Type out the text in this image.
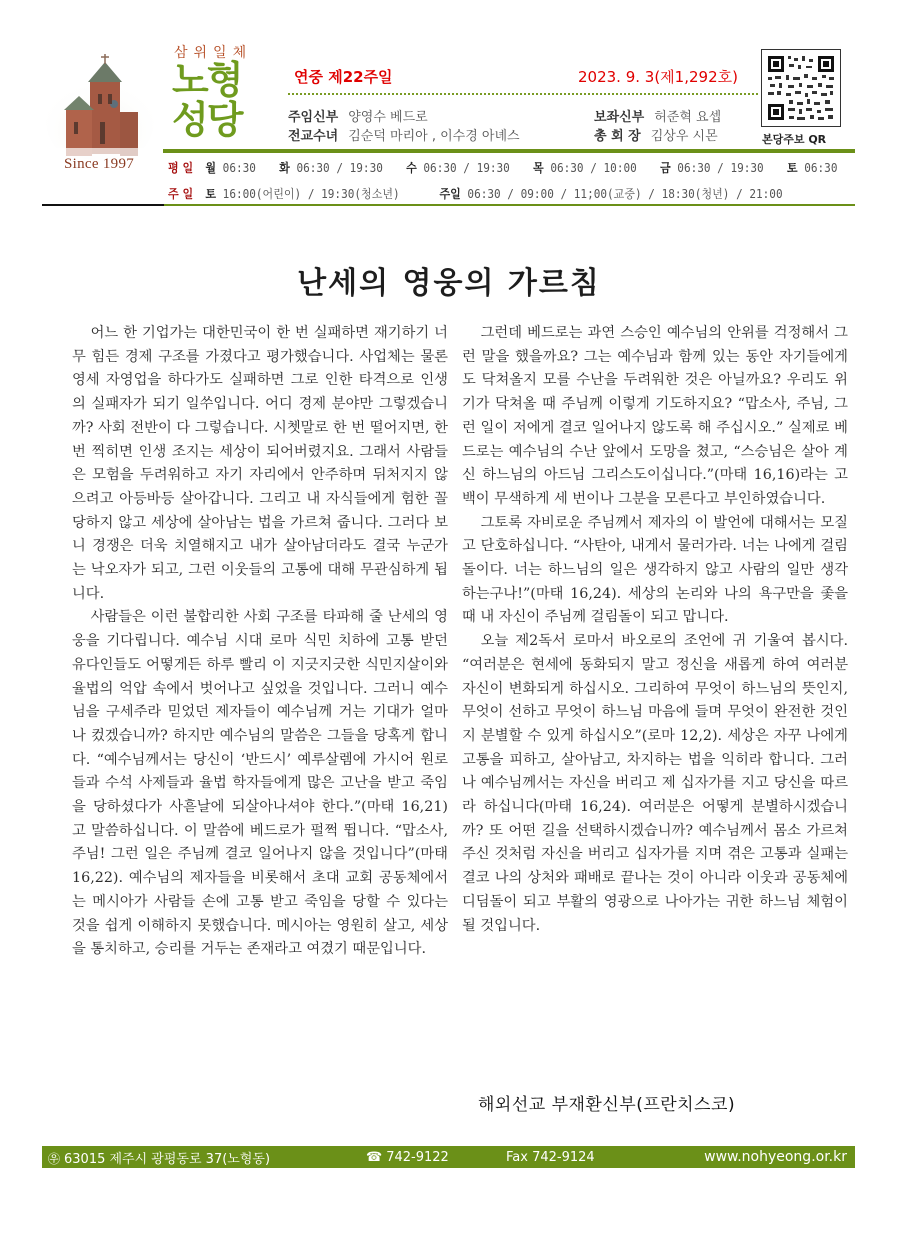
Since 1997
삼위일체
노형
성당
연중 제22주일	2023. 9. 3(제1,292호)
주임신부 양영수 베드로
전교수녀 김순덕 마리아 , 이수경 아녜스
보좌신부 허준혁 요셉
총 회 장 김상우 시몬	본당주보 QR
평 일 월 06:30 화 06:30 / 19:30 수 06:30 / 19:30 목 06:30 / 10:00 금 06:30 / 19:30 토 06:30
주 일 토 16:00(어린이) / 19:30(청소년)	주일 06:30 / 09:00 / 11;00(교중) / 18:30(청년) / 21:00
난세의 영웅의 가르침

어느 한 기업가는 대한민국이 한 번 실패하면 재기하기 너무 힘든 경제 구조를 가졌다고 평가했습니다. 사업체는 물론 영세 자영업을 하다가도 실패하면 그로 인한 타격으로 인생의 실패자가 되기 일쑤입니다. 어디 경제 분야만 그렇겠습니까? 사회 전반이 다 그렇습니다. 시쳇말로 한 번 떨어지면, 한 번 찍히면 인생 조지는 세상이 되어버렸지요. 그래서 사람들은 모험을 두려워하고 자기 자리에서 안주하며 뒤처지지 않으려고 아등바등 살아갑니다. 그리고 내 자식들에게 험한 꼴 당하지 않고 세상에 살아남는 법을 가르쳐 줍니다. 그러다 보니 경쟁은 더욱 치열해지고 내가 살아남더라도 결국 누군가는 낙오자가 되고, 그런 이웃들의 고통에 대해 무관심하게 됩니다.

사람들은 이런 불합리한 사회 구조를 타파해 줄 난세의 영웅을 기다립니다. 예수님 시대 로마 식민 치하에 고통 받던 유다인들도 어떻게든 하루 빨리 이 지긋지긋한 식민지살이와 율법의 억압 속에서 벗어나고 싶었을 것입니다. 그러니 예수님을 구세주라 믿었던 제자들이 예수님께 거는 기대가 얼마나 컸겠습니까? 하지만 예수님의 말씀은 그들을 당혹게 합니다. “예수님께서는 당신이 ‘반드시’ 예루살렘에 가시어 원로들과 수석 사제들과 율법 학자들에게 많은 고난을 받고 죽임을 당하셨다가 사흗날에 되살아나셔야 한다.”(마태 16,21)고 말씀하십니다. 이 말씀에 베드로가 펄쩍 뜁니다. “맙소사, 주님! 그런 일은 주님께 결코 일어나지 않을 것입니다”(마태 16,22). 예수님의 제자들을 비롯해서 초대 교회 공동체에서는 메시아가 사람들 손에 고통 받고 죽임을 당할 수 있다는 것을 쉽게 이해하지 못했습니다. 메시아는 영원히 살고, 세상을 통치하고, 승리를 거두는 존재라고 여겼기 때문입니다.

그런데 베드로는 과연 스승인 예수님의 안위를 걱정해서 그런 말을 했을까요? 그는 예수님과 함께 있는 동안 자기들에게도 닥쳐올지 모를 수난을 두려워한 것은 아닐까요? 우리도 위기가 닥쳐올 때 주님께 이렇게 기도하지요? “맙소사, 주님, 그런 일이 저에게 결코 일어나지 않도록 해 주십시오.” 실제로 베드로는 예수님의 수난 앞에서 도망을 쳤고, “스승님은 살아 계신 하느님의 아드님 그리스도이십니다.”(마태 16,16)라는 고백이 무색하게 세 번이나 그분을 모른다고 부인하였습니다.

그토록 자비로운 주님께서 제자의 이 발언에 대해서는 모질고 단호하십니다. “사탄아, 내게서 물러가라. 너는 나에게 걸림돌이다. 너는 하느님의 일은 생각하지 않고 사람의 일만 생각하는구나!”(마태 16,24). 세상의 논리와 나의 욕구만을 좇을 때 내 자신이 주님께 걸림돌이 되고 맙니다.

오늘 제2독서 로마서 바오로의 조언에 귀 기울여 봅시다. “여러분은 현세에 동화되지 말고 정신을 새롭게 하여 여러분 자신이 변화되게 하십시오. 그리하여 무엇이 하느님의 뜻인지, 무엇이 선하고 무엇이 하느님 마음에 들며 무엇이 완전한 것인지 분별할 수 있게 하십시오”(로마 12,2). 세상은 자꾸 나에게 고통을 피하고, 살아남고, 차지하는 법을 익히라 합니다. 그러나 예수님께서는 자신을 버리고 제 십자가를 지고 당신을 따르라 하십니다(마태 16,24). 여러분은 어떻게 분별하시겠습니까? 또 어떤 길을 선택하시겠습니까? 예수님께서 몸소 가르쳐 주신 것처럼 자신을 버리고 십자가를 지며 겪은 고통과 실패는 결코 나의 상처와 패배로 끝나는 것이 아니라 이웃과 공동체에 디딤돌이 되고 부활의 영광으로 나아가는 귀한 하느님 체험이 될 것입니다.

해외선교 부재환신부(프란치스코)
㉾ 63015 제주시 광평동로 37(노형동)	☎ 742-9122	Fax 742-9124	www.nohyeong.or.kr
